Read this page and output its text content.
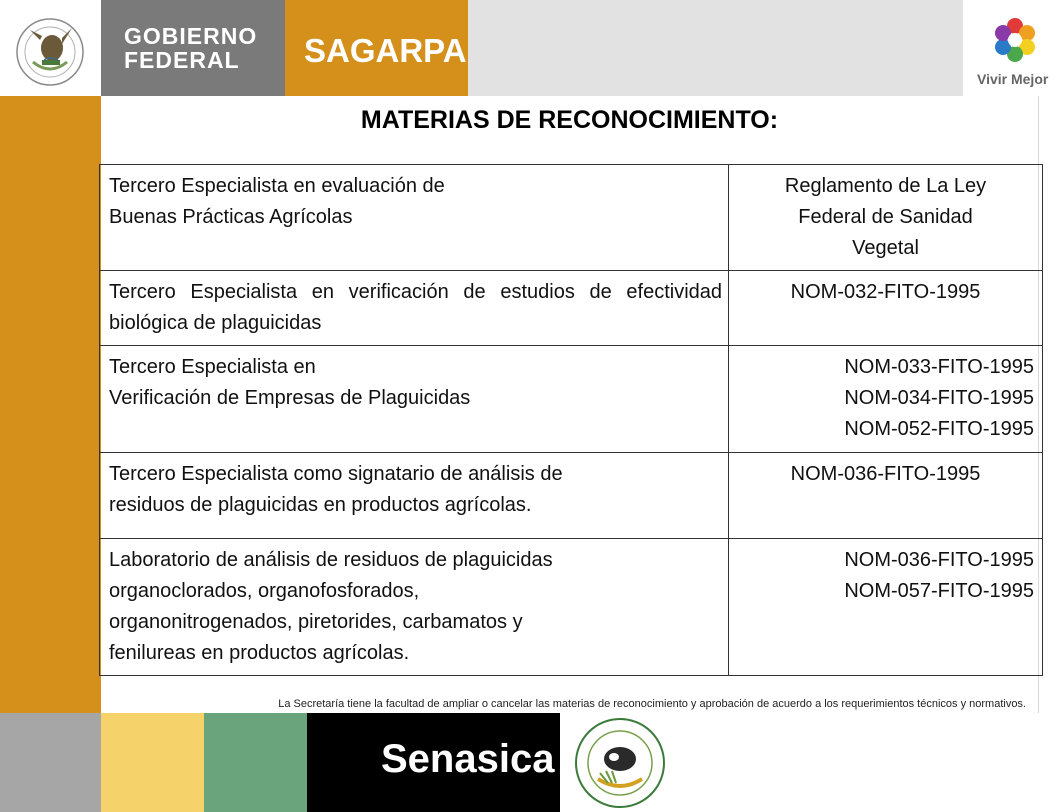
GOBIERNO
FEDERAL	SAGARPA
Vivir Mejor
MATERIAS DE RECONOCIMIENTO:
Tercero Especialista en evaluación de
Buenas Prácticas Agrícolas	Reglamento de La Ley
Federal de Sanidad
Vegetal

Tercero Especialista en verificación de estudios de efectividad biológica de plaguicidas	NOM-032-FITO-1995

Tercero Especialista en
Verificación de Empresas de Plaguicidas	NOM-033-FITO-1995
NOM-034-FITO-1995
NOM-052-FITO-1995

Tercero Especialista como signatario de análisis de
residuos de plaguicidas en productos agrícolas.	NOM-036-FITO-1995

Laboratorio de análisis de residuos de plaguicidas
organoclorados, organofosforados,
organonitrogenados, piretorides, carbamatos y
fenilureas en productos agrícolas.	NOM-036-FITO-1995
NOM-057-FITO-1995
La Secretaría tiene la facultad de ampliar o cancelar las materias de reconocimiento y aprobación de acuerdo a los requerimientos técnicos y normativos.
Senasica
